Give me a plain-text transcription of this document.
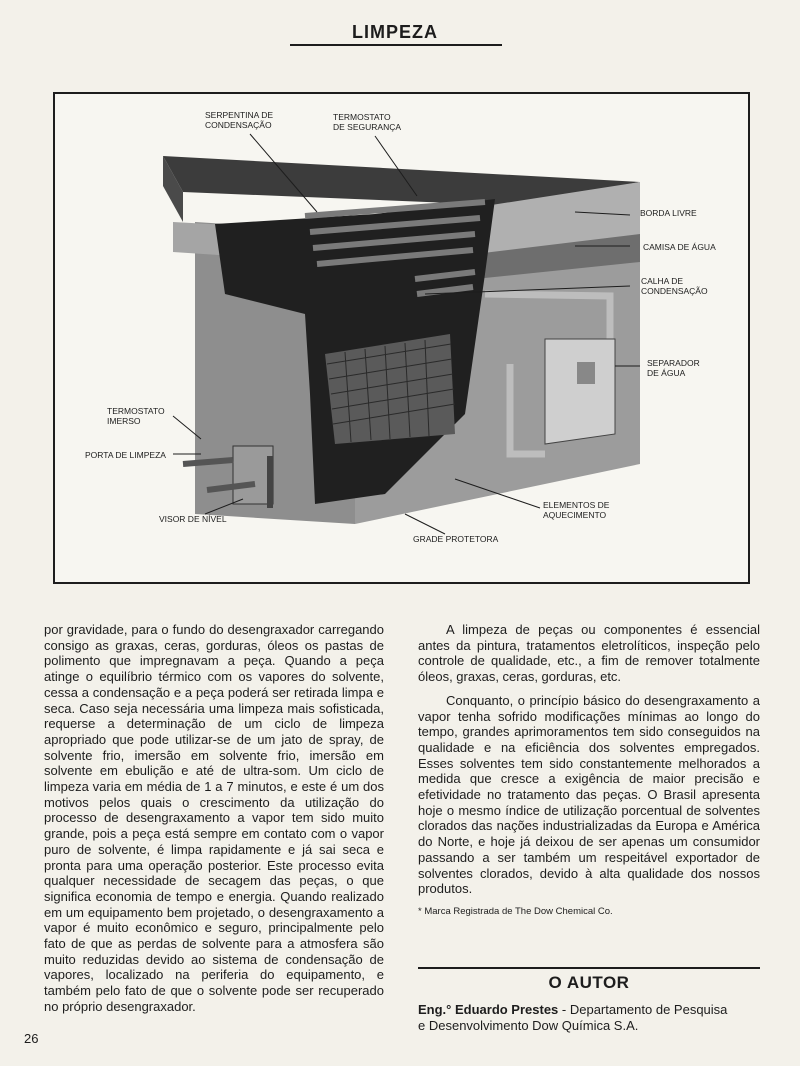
LIMPEZA
SERPENTINA DE
CONDENSAÇÃO
TERMOSTATO
DE SEGURANÇA
BORDA LIVRE
CAMISA DE ÁGUA
CALHA DE
CONDENSAÇÃO
SEPARADOR
DE ÁGUA
TERMOSTATO
IMERSO
PORTA DE LIMPEZA
VISOR DE NÍVEL
ELEMENTOS DE
AQUECIMENTO
GRADE PROTETORA

por gravidade, para o fundo do desengraxador carregando consigo as graxas, ceras, gorduras, óleos os pastas de polimento que impregnavam a peça. Quando a peça atinge o equilíbrio térmico com os vapores do solvente, cessa a condensação e a peça poderá ser retirada limpa e seca. Caso seja necessária uma limpeza mais sofisticada, requerse a determinação de um ciclo de limpeza apropriado que pode utilizar-se de um jato de spray, de solvente frio, imersão em solvente frio, imersão em solvente em ebulição e até de ultra-som. Um ciclo de limpeza varia em média de 1 a 7 minutos, e este é um dos motivos pelos quais o crescimento da utilização do processo de desengraxamento a vapor tem sido muito grande, pois a peça está sempre em contato com o vapor puro de solvente, é limpa rapidamente e já sai seca e pronta para uma operação posterior. Este processo evita qualquer necessidade de secagem das peças, o que significa economia de tempo e energia. Quando realizado em um equipamento bem projetado, o desengraxamento a vapor é muito econômico e seguro, principalmente pelo fato de que as perdas de solvente para a atmosfera são muito reduzidas devido ao sistema de condensação de vapores, localizado na periferia do equipamento, e também pelo fato de que o solvente pode ser recuperado no próprio desengraxador.

A limpeza de peças ou componentes é essencial antes da pintura, tratamentos eletrolíticos, inspeção pelo controle de qualidade, etc., a fim de remover totalmente óleos, graxas, ceras, gorduras, etc.

Conquanto, o princípio básico do desengraxamento a vapor tenha sofrido modificações mínimas ao longo do tempo, grandes aprimoramentos tem sido conseguidos na qualidade e na eficiência dos solventes empregados. Esses solventes tem sido constantemente melhorados a medida que cresce a exigência de maior precisão e efetividade no tratamento das peças. O Brasil apresenta hoje o mesmo índice de utilização porcentual de solventes clorados das nações industrializadas da Europa e América do Norte, e hoje já deixou de ser apenas um consumidor passando a ser também um respeitável exportador de solventes clorados, devido à alta qualidade dos nossos produtos.

* Marca Registrada de The Dow Chemical Co.

O AUTOR
Eng.° Eduardo Prestes - Departamento de Pesquisa
e Desenvolvimento Dow Química S.A.
26
